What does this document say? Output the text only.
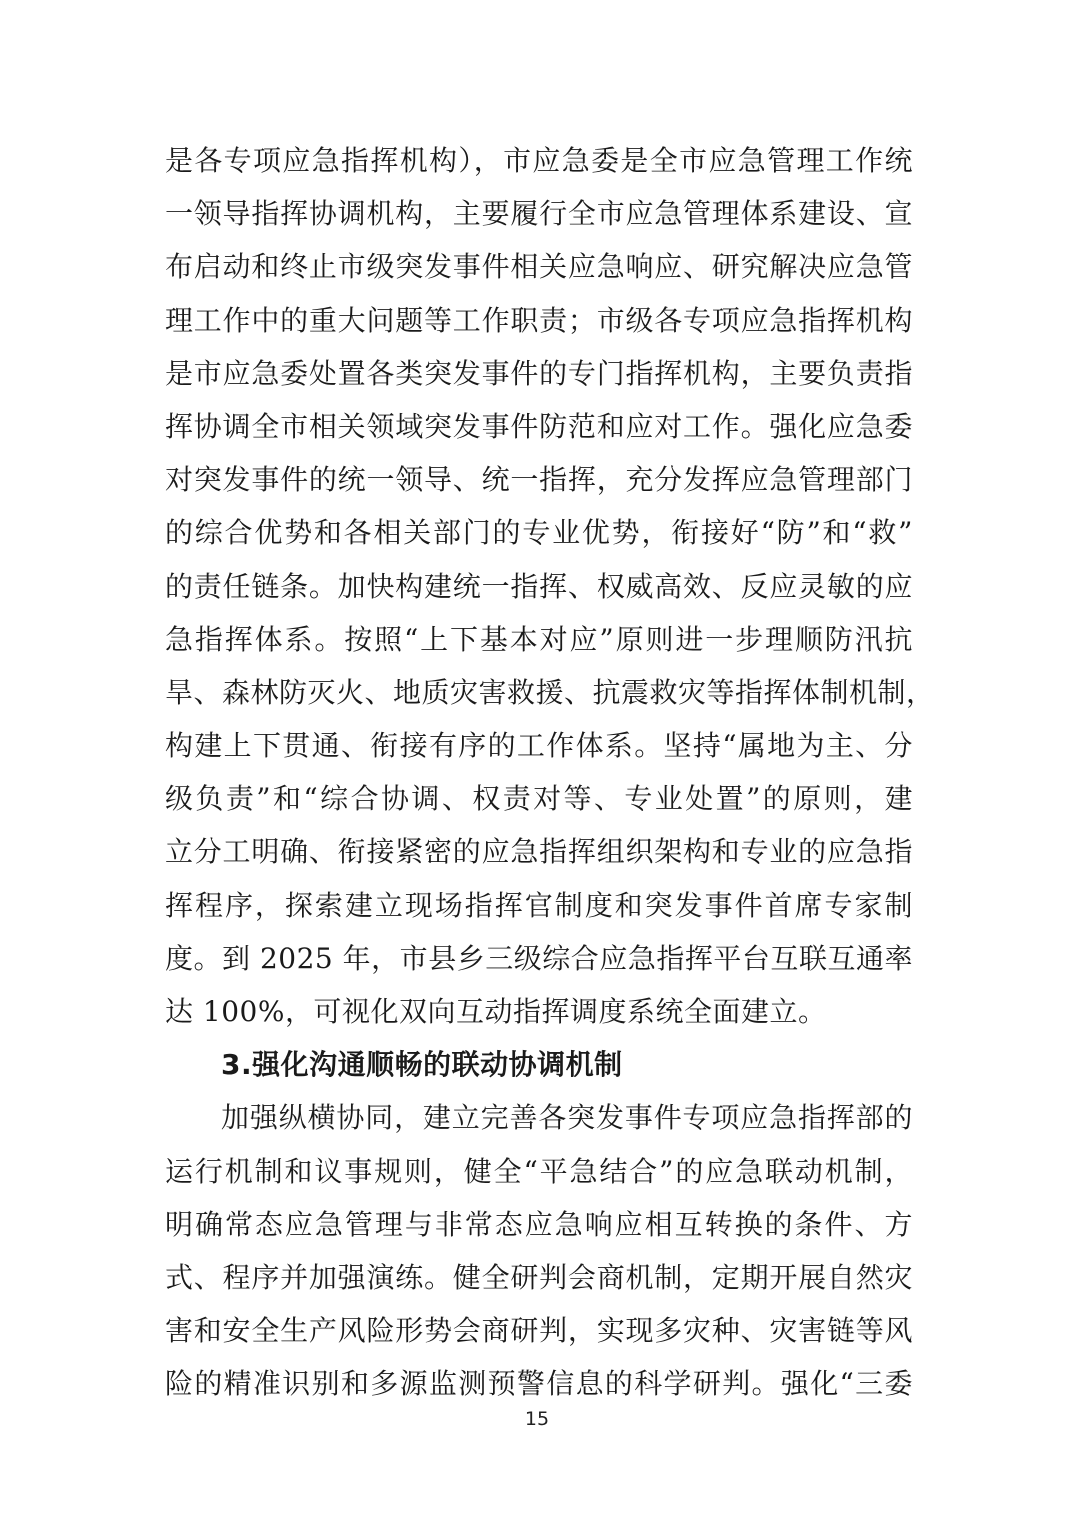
是各专项应急指挥机构），市应急委是全市应急管理工作统
一领导指挥协调机构，主要履行全市应急管理体系建设、宣
布启动和终止市级突发事件相关应急响应、研究解决应急管
理工作中的重大问题等工作职责；市级各专项应急指挥机构
是市应急委处置各类突发事件的专门指挥机构，主要负责指
挥协调全市相关领域突发事件防范和应对工作。强化应急委
对突发事件的统一领导、统一指挥，充分发挥应急管理部门
的综合优势和各相关部门的专业优势，衔接好“防”和“救”
的责任链条。加快构建统一指挥、权威高效、反应灵敏的应
急指挥体系。按照“上下基本对应”原则进一步理顺防汛抗
旱、森林防灭火、地质灾害救援、抗震救灾等指挥体制机制，
构建上下贯通、衔接有序的工作体系。坚持“属地为主、分
级负责”和“综合协调、权责对等、专业处置”的原则，建
立分工明确、衔接紧密的应急指挥组织架构和专业的应急指
挥程序，探索建立现场指挥官制度和突发事件首席专家制
度。到 2025 年，市县乡三级综合应急指挥平台互联互通率
达 100%，可视化双向互动指挥调度系统全面建立。
3.强化沟通顺畅的联动协调机制
加强纵横协同，建立完善各突发事件专项应急指挥部的
运行机制和议事规则，健全“平急结合”的应急联动机制，
明确常态应急管理与非常态应急响应相互转换的条件、方
式、程序并加强演练。健全研判会商机制，定期开展自然灾
害和安全生产风险形势会商研判，实现多灾种、灾害链等风
险的精准识别和多源监测预警信息的科学研判。强化“三委
15
